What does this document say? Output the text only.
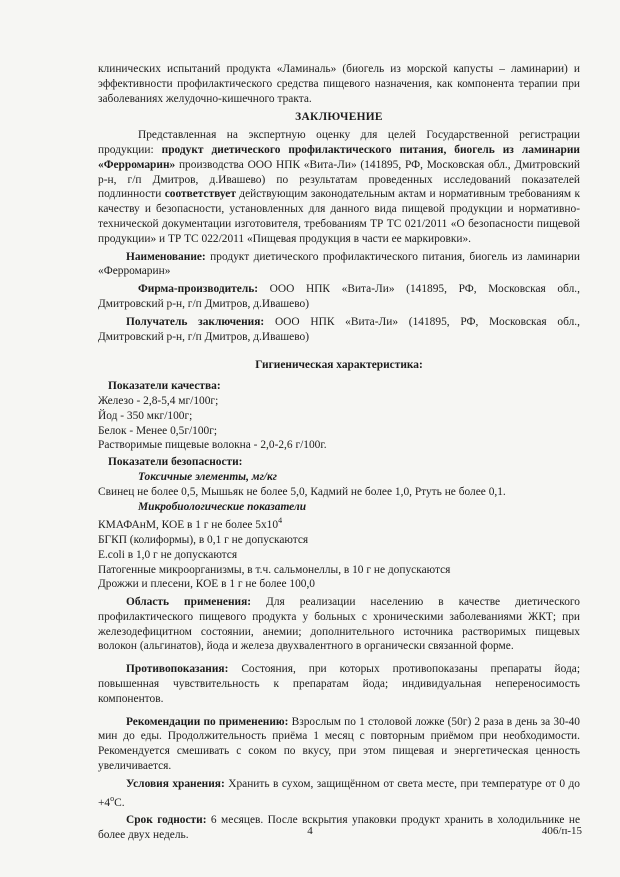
клинических испытаний продукта «Ламиналь» (биогель из морской капусты – ламинарии) и эффективности профилактического средства пищевого назначения, как компонента терапии при заболеваниях желудочно-кишечного тракта.

ЗАКЛЮЧЕНИЕ

Представленная на экспертную оценку для целей Государственной регистрации продукции: продукт диетического профилактического питания, биогель из ламинарии «Ферромарин» производства ООО НПК «Вита-Ли» (141895, РФ, Московская обл., Дмитровский р-н, г/п Дмитров, д.Ивашево) по результатам проведенных исследований показателей подлинности соответствует действующим законодательным актам и нормативным требованиям к качеству и безопасности, установленных для данного вида пищевой продукции и нормативно-технической документации изготовителя, требованиям ТР ТС 021/2011 «О безопасности пищевой продукции» и ТР ТС 022/2011 «Пищевая продукция в части ее маркировки».

Наименование: продукт диетического профилактического питания, биогель из ламинарии «Ферромарин»

Фирма-производитель: ООО НПК «Вита-Ли» (141895, РФ, Московская обл., Дмитровский р-н, г/п Дмитров, д.Ивашево)

Получатель заключения: ООО НПК «Вита-Ли» (141895, РФ, Московская обл., Дмитровский р-н, г/п Дмитров, д.Ивашево)

Гигиеническая характеристика:

Показатели качества:

Железо - 2,8-5,4 мг/100г;

Йод - 350 мкг/100г;

Белок - Менее 0,5г/100г;

Растворимые пищевые волокна - 2,0-2,6 г/100г.

Показатели безопасности:

Токсичные элементы, мг/кг

Свинец не более 0,5, Мышьяк не более 5,0, Кадмий не более 1,0, Ртуть не более 0,1.

Микробиологические показатели

КМАФАнМ, КОЕ в 1 г не более $5х10^4$

БГКП (колиформы), в 0,1 г не допускаются

E.coli в 1,0 г не допускаются

Патогенные микроорганизмы, в т.ч. сальмонеллы, в 10 г не допускаются

Дрожжи и плесени, КОЕ в 1 г не более 100,0

Область применения: Для реализации населению в качестве диетического профилактического пищевого продукта у больных с хроническими заболеваниями ЖКТ; при железодефицитном состоянии, анемии; дополнительного источника растворимых пищевых волокон (альгинатов), йода и железа двухвалентного в органически связанной форме.

Противопоказания: Состояния, при которых противопоказаны препараты йода; повышенная чувствительность к препаратам йода; индивидуальная непереносимость компонентов.

Рекомендации по применению: Взрослым по 1 столовой ложке (50г) 2 раза в день за 30-40 мин до еды. Продолжительность приёма 1 месяц с повторным приёмом при необходимости. Рекомендуется смешивать с соком по вкусу, при этом пищевая и энергетическая ценность увеличивается.

Условия хранения: Хранить в сухом, защищённом от света месте, при температуре от 0 до $+4^оС$.

Срок годности: 6 месяцев. После вскрытия упаковки продукт хранить в холодильнике не более двух недель.	4	406/п-15
